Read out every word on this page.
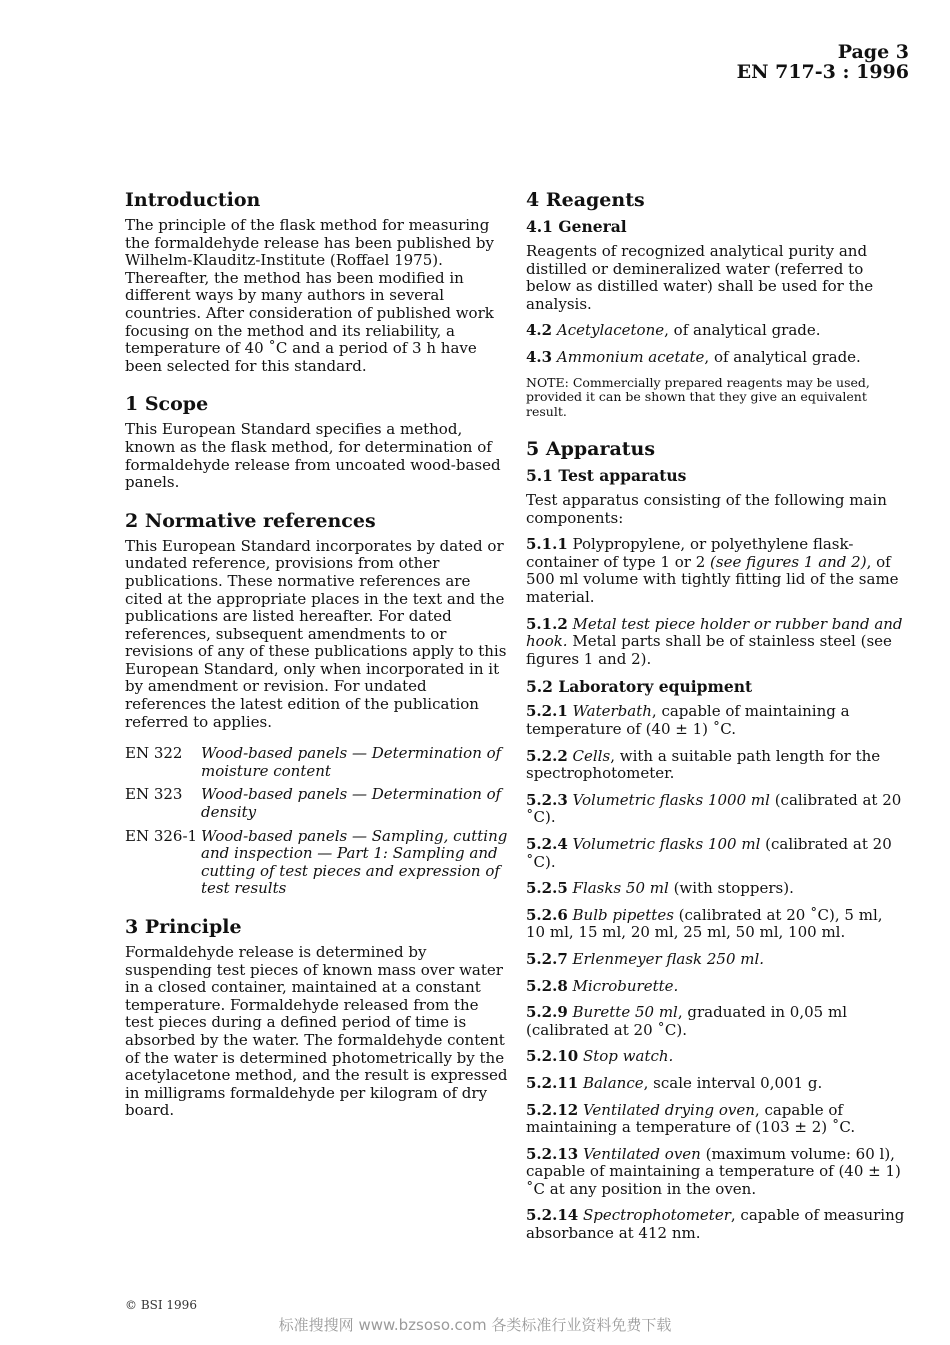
Page 3
EN 717-3 : 1996
Introduction

The principle of the flask method for measuring the formaldehyde release has been published by Wilhelm-Klauditz-Institute (Roffael 1975). Thereafter, the method has been modified in different ways by many authors in several countries. After consideration of published work focusing on the method and its reliability, a temperature of 40 ˚C and a period of 3 h have been selected for this standard.

1 Scope

This European Standard specifies a method, known as the flask method, for determination of formaldehyde release from uncoated wood-based panels.

2 Normative references

This European Standard incorporates by dated or undated reference, provisions from other publications. These normative references are cited at the appropriate places in the text and the publications are listed hereafter. For dated references, subsequent amendments to or revisions of any of these publications apply to this European Standard, only when incorporated in it by amendment or revision. For undated references the latest edition of the publication referred to applies.

EN 322	Wood-based panels — Determination of moisture content
EN 323	Wood-based panels — Determination of density
EN 326-1 Wood-based panels — Sampling, cutting and inspection — Part 1: Sampling and cutting of test pieces and expression of test results
3 Principle

Formaldehyde release is determined by suspending test pieces of known mass over water in a closed container, maintained at a constant temperature. Formaldehyde released from the test pieces during a defined period of time is absorbed by the water. The formaldehyde content of the water is determined photometrically by the acetylacetone method, and the result is expressed in milligrams formaldehyde per kilogram of dry board.

4 Reagents
4.1 General

Reagents of recognized analytical purity and distilled or demineralized water (referred to below as distilled water) shall be used for the analysis.

4.2 Acetylacetone, of analytical grade.

4.3 Ammonium acetate, of analytical grade.

NOTE: Commercially prepared reagents may be used, provided it can be shown that they give an equivalent result.

5 Apparatus
5.1 Test apparatus

Test apparatus consisting of the following main components:

5.1.1 Polypropylene, or polyethylene flask-container of type 1 or 2 (see figures 1 and 2), of 500 ml volume with tightly fitting lid of the same material.

5.1.2 Metal test piece holder or rubber band and hook. Metal parts shall be of stainless steel (see figures 1 and 2).

5.2 Laboratory equipment

5.2.1 Waterbath, capable of maintaining a temperature of (40 ± 1) ˚C.

5.2.2 Cells, with a suitable path length for the spectrophotometer.

5.2.3 Volumetric flasks 1000 ml (calibrated at 20 ˚C).

5.2.4 Volumetric flasks 100 ml (calibrated at 20 ˚C).

5.2.5 Flasks 50 ml (with stoppers).

5.2.6 Bulb pipettes (calibrated at 20 ˚C), 5 ml, 10 ml, 15 ml, 20 ml, 25 ml, 50 ml, 100 ml.

5.2.7 Erlenmeyer flask 250 ml.

5.2.8 Microburette.

5.2.9 Burette 50 ml, graduated in 0,05 ml (calibrated at 20 ˚C).

5.2.10 Stop watch.

5.2.11 Balance, scale interval 0,001 g.

5.2.12 Ventilated drying oven, capable of maintaining a temperature of (103 ± 2) ˚C.

5.2.13 Ventilated oven (maximum volume: 60 l), capable of maintaining a temperature of (40 ± 1) ˚C at any position in the oven.

5.2.14 Spectrophotometer, capable of measuring absorbance at 412 nm.

© BSI 1996
标准搜搜网 www.bzsoso.com 各类标准行业资料免费下载
